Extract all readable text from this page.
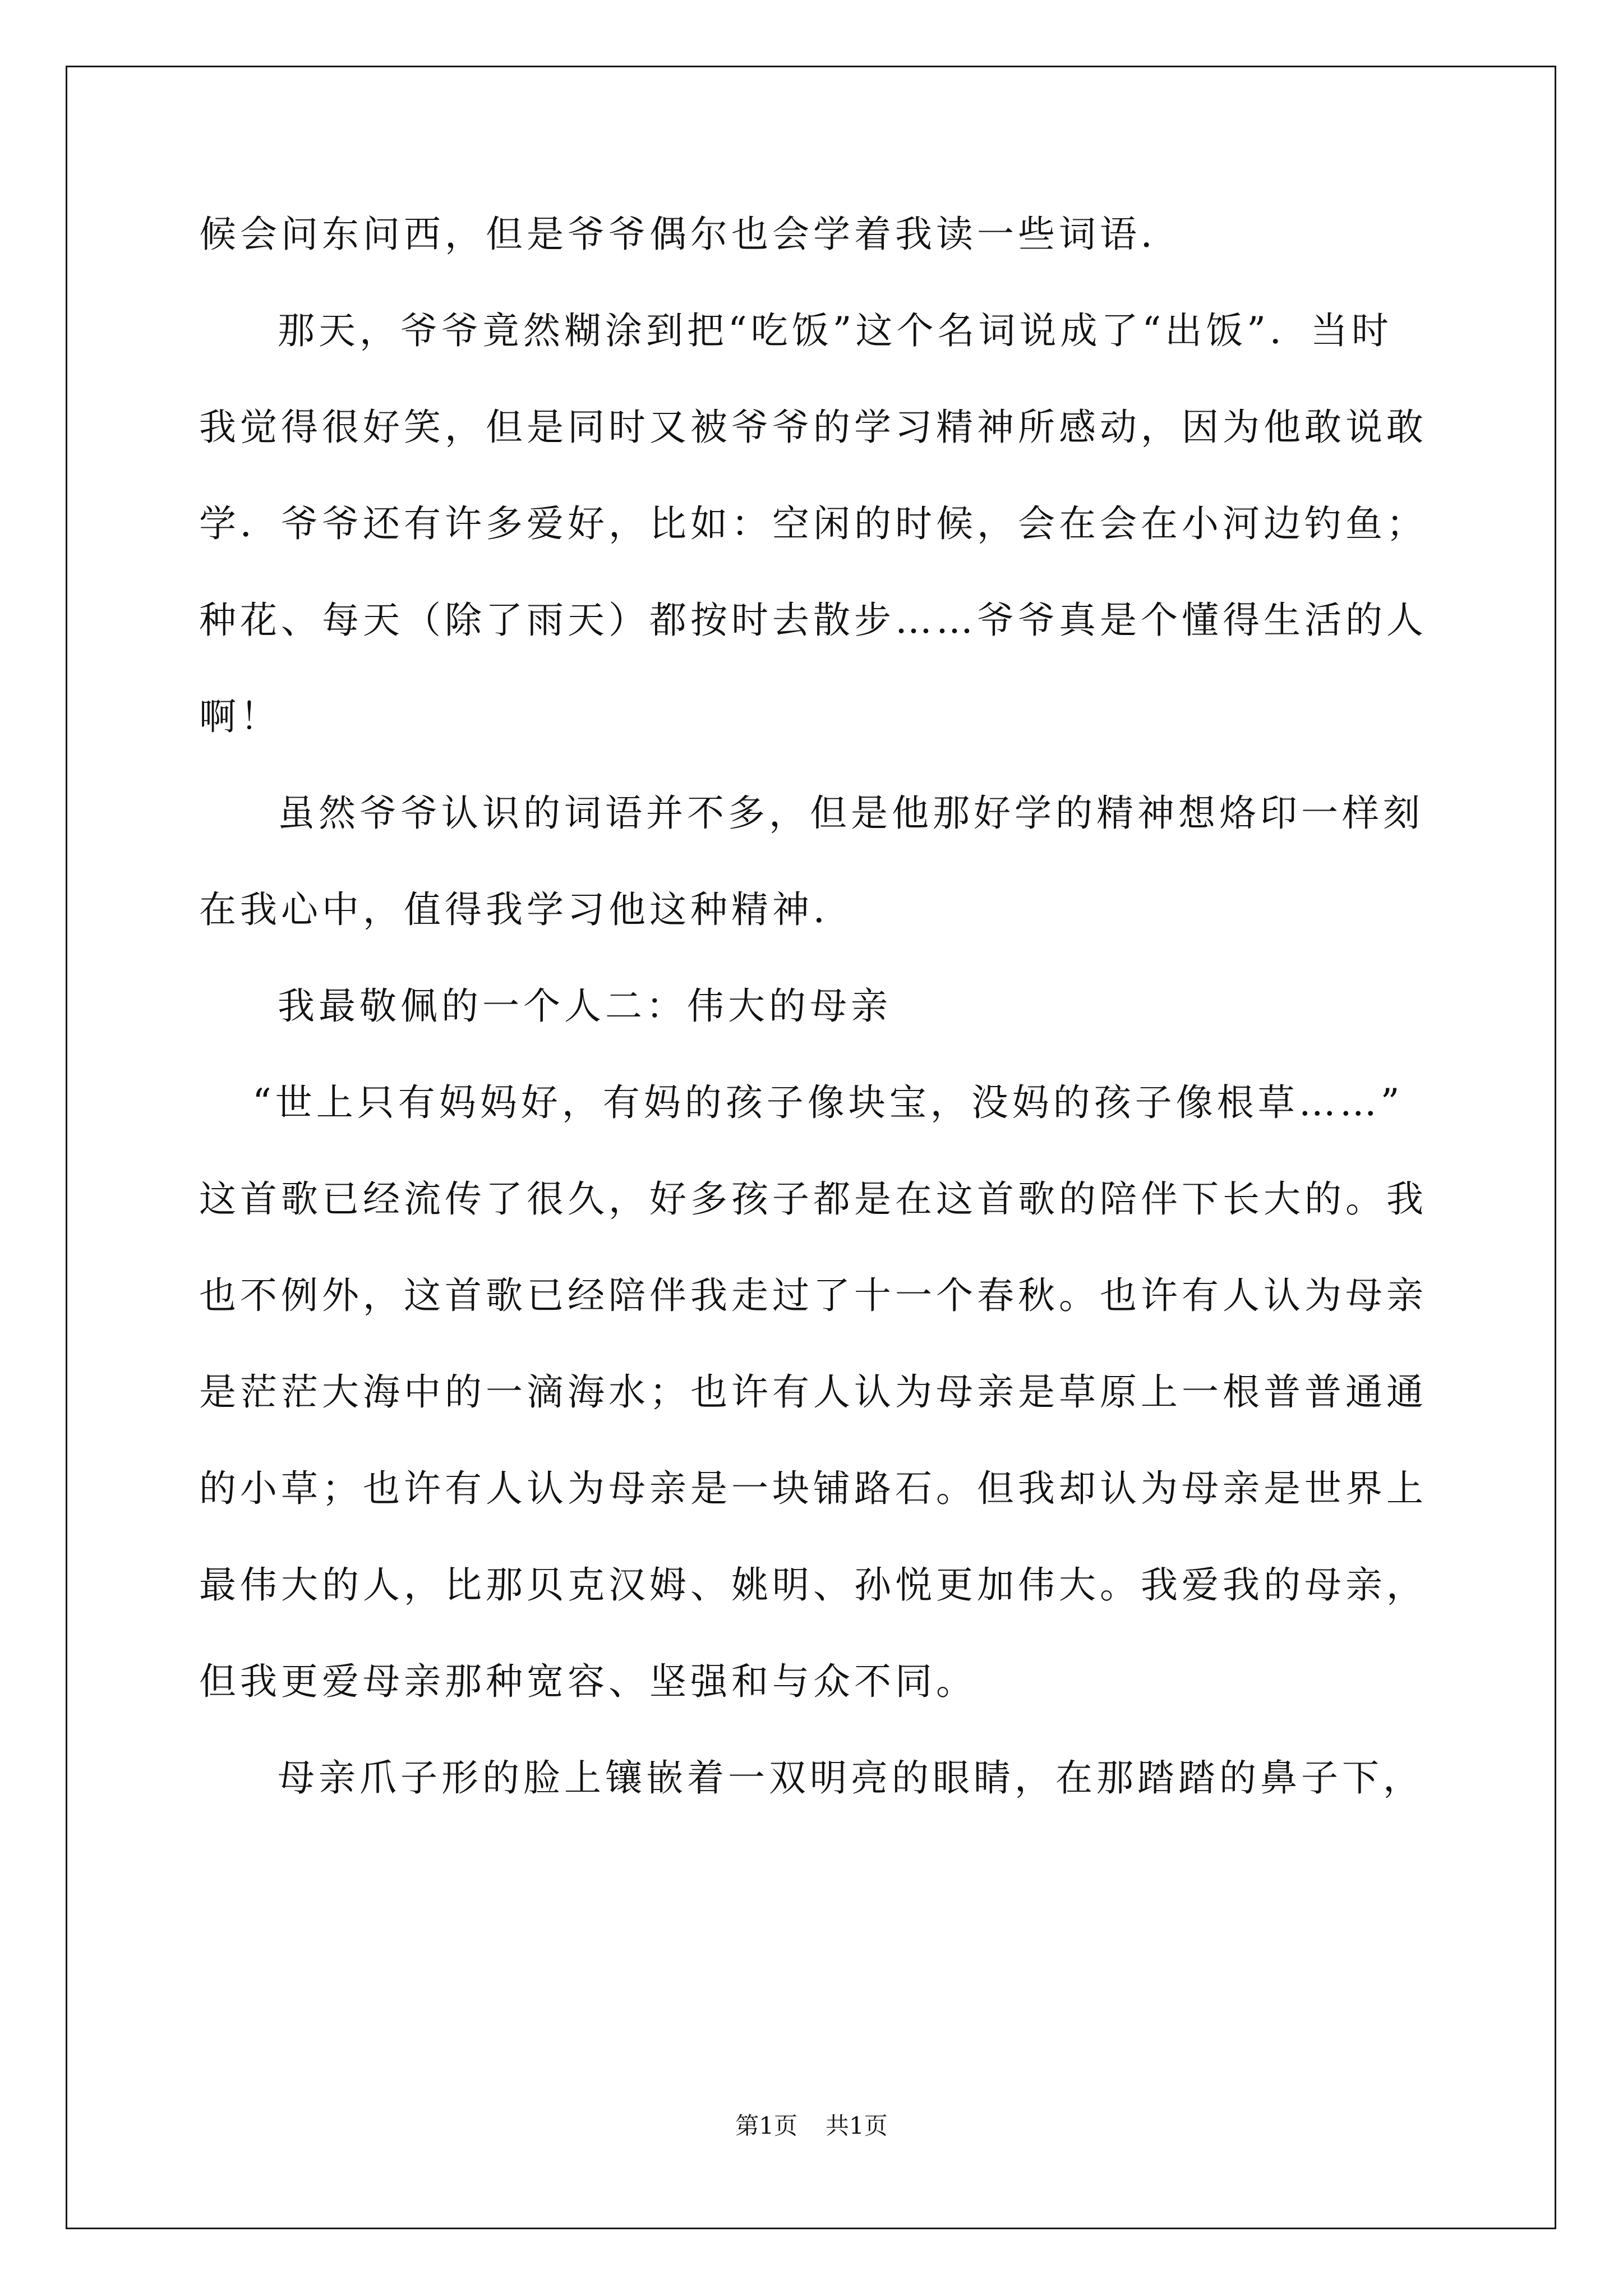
候会问东问西，但是爷爷偶尔也会学着我读一些词语．
那天，爷爷竟然糊涂到把“吃饭”这个名词说成了“出饭”．当时
我觉得很好笑，但是同时又被爷爷的学习精神所感动，因为他敢说敢
学．爷爷还有许多爱好，比如：空闲的时候，会在会在小河边钓鱼；
种花、每天（除了雨天）都按时去散步……爷爷真是个懂得生活的人
啊！
虽然爷爷认识的词语并不多，但是他那好学的精神想烙印一样刻
在我心中，值得我学习他这种精神．
我最敬佩的一个人二：伟大的母亲
“世上只有妈妈好，有妈的孩子像块宝，没妈的孩子像根草……”
这首歌已经流传了很久，好多孩子都是在这首歌的陪伴下长大的。我
也不例外，这首歌已经陪伴我走过了十一个春秋。也许有人认为母亲
是茫茫大海中的一滴海水；也许有人认为母亲是草原上一根普普通通
的小草；也许有人认为母亲是一块铺路石。但我却认为母亲是世界上
最伟大的人，比那贝克汉姆、姚明、孙悦更加伟大。我爱我的母亲，
但我更爱母亲那种宽容、坚强和与众不同。
母亲爪子形的脸上镶嵌着一双明亮的眼睛，在那踏踏的鼻子下，
第1页 共1页
